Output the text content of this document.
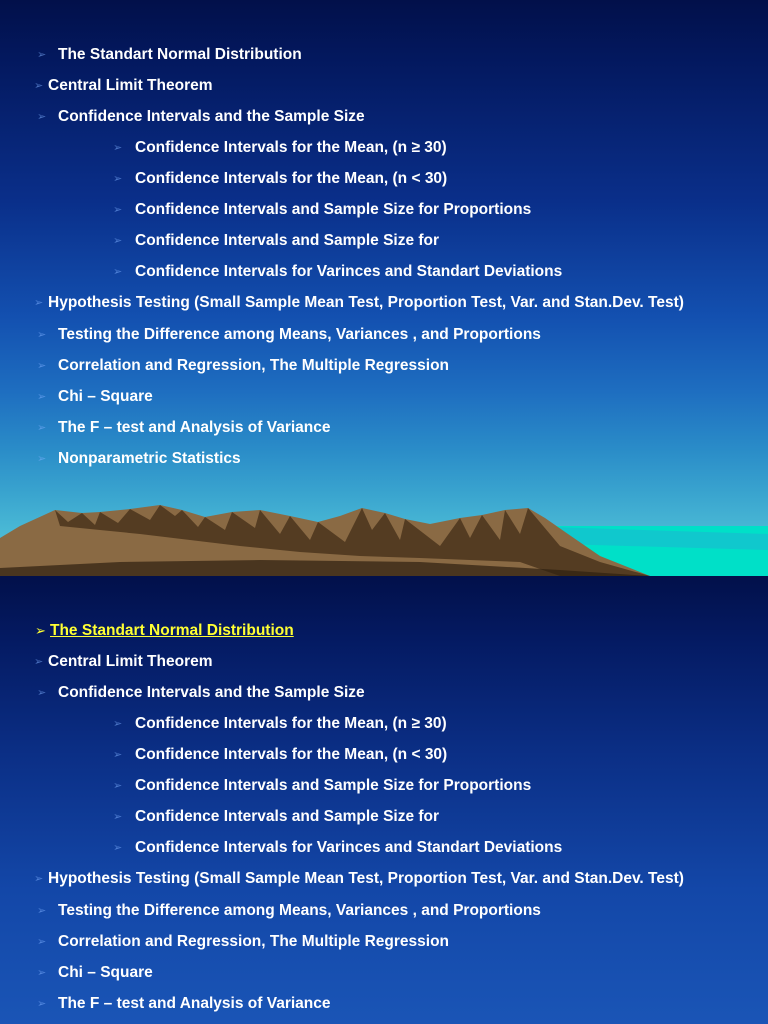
➢ The Standart Normal Distribution
➢ Central Limit Theorem
➢ Confidence Intervals and the Sample Size
➢ Confidence Intervals for the Mean, (n ≥ 30)
➢ Confidence Intervals for the Mean, (n < 30)
➢ Confidence Intervals and Sample Size for Proportions
➢ Confidence Intervals and Sample Size for
➢ Confidence Intervals for Varinces and Standart Deviations
➢ Hypothesis Testing (Small Sample Mean Test, Proportion Test, Var. and Stan.Dev. Test)
➢ Testing the Difference among Means, Variances , and Proportions
➢ Correlation and Regression, The Multiple Regression
➢ Chi – Square
➢ The F – test and Analysis of Variance
➢ Nonparametric Statistics
➢ The Standart Normal Distribution
➢ Central Limit Theorem
➢ Confidence Intervals and the Sample Size
➢ Confidence Intervals for the Mean, (n ≥ 30)
➢ Confidence Intervals for the Mean, (n < 30)
➢ Confidence Intervals and Sample Size for Proportions
➢ Confidence Intervals and Sample Size for
➢ Confidence Intervals for Varinces and Standart Deviations
➢ Hypothesis Testing (Small Sample Mean Test, Proportion Test, Var. and Stan.Dev. Test)
➢ Testing the Difference among Means, Variances , and Proportions
➢ Correlation and Regression, The Multiple Regression
➢ Chi – Square
➢ The F – test and Analysis of Variance
